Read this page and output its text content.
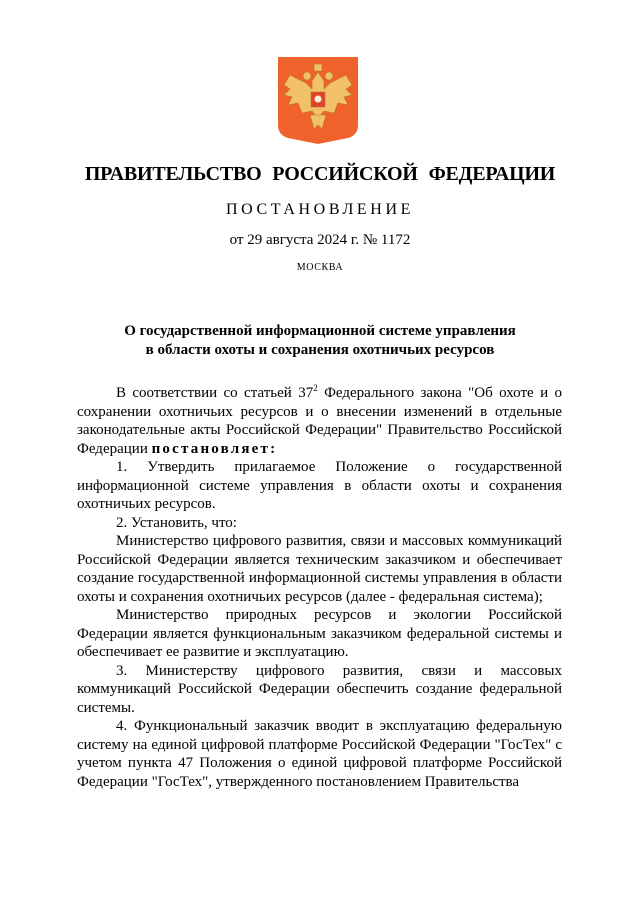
ПРАВИТЕЛЬСТВО РОССИЙСКОЙ ФЕДЕРАЦИИ
ПОСТАНОВЛЕНИЕ
от 29 августа 2024 г. № 1172
МОСКВА
О государственной информационной системе управления
в области охоты и сохранения охотничьих ресурсов

В соответствии со статьей $37^2$ Федерального закона "Об охоте и о сохранении охотничьих ресурсов и о внесении изменений в отдельные законодательные акты Российской Федерации" Правительство Российской Федерации постановляет:

1. Утвердить прилагаемое Положение о государственной информационной системе управления в области охоты и сохранения охотничьих ресурсов.

2. Установить, что:

Министерство цифрового развития, связи и массовых коммуникаций Российской Федерации является техническим заказчиком и обеспечивает создание государственной информационной системы управления в области охоты и сохранения охотничьих ресурсов (далее - федеральная система);

Министерство природных ресурсов и экологии Российской Федерации является функциональным заказчиком федеральной системы и обеспечивает ее развитие и эксплуатацию.

3. Министерству цифрового развития, связи и массовых коммуникаций Российской Федерации обеспечить создание федеральной системы.

4. Функциональный заказчик вводит в эксплуатацию федеральную систему на единой цифровой платформе Российской Федерации "ГосТех" с учетом пункта 47 Положения о единой цифровой платформе Российской Федерации "ГосТех", утвержденного постановлением Правительства
